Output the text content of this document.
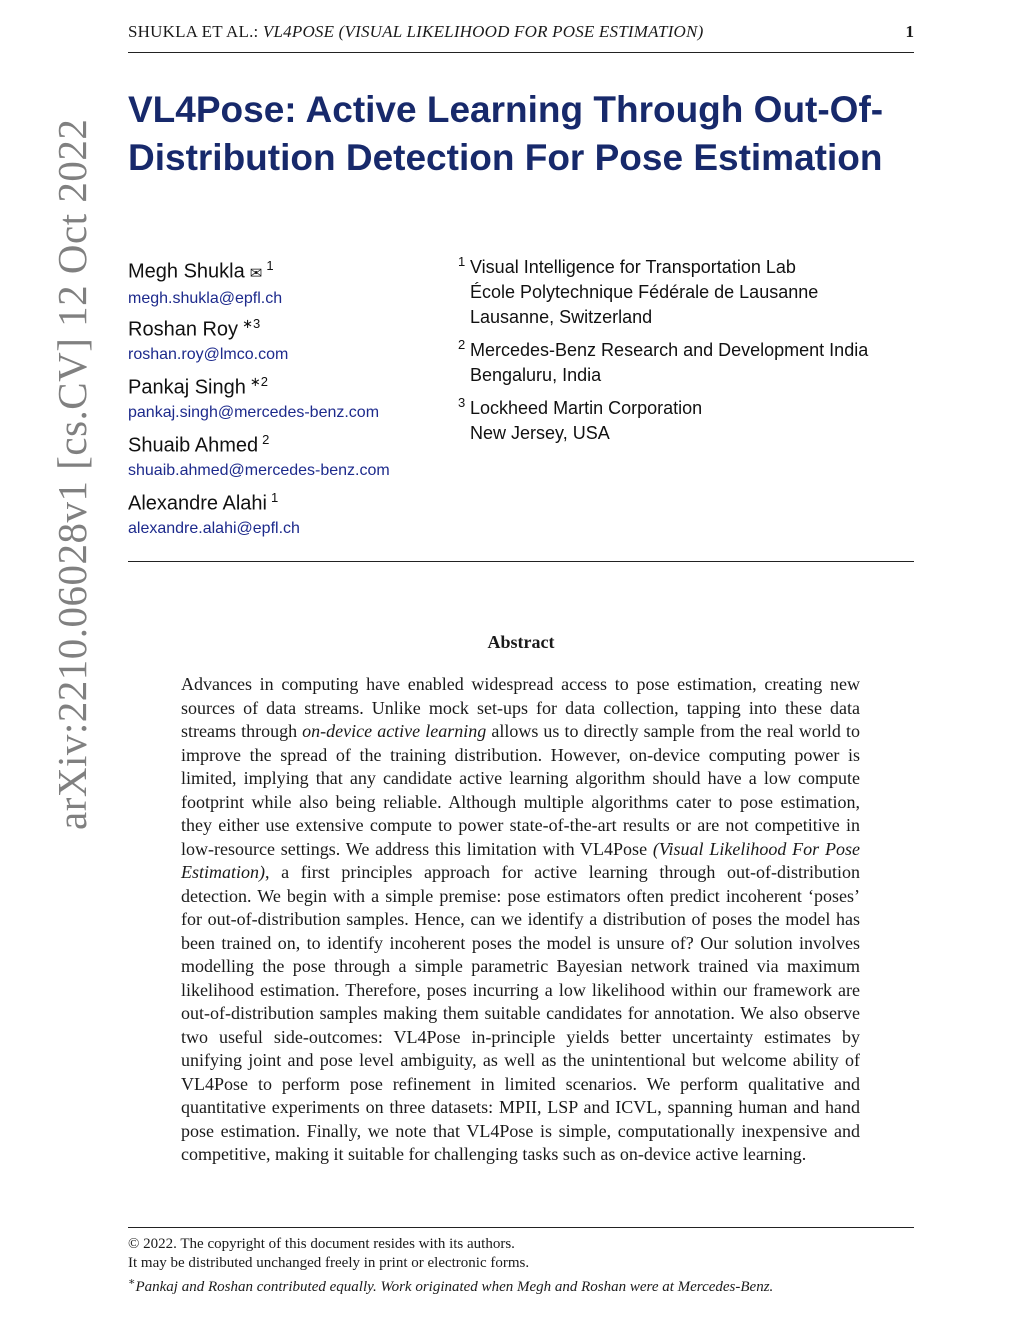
SHUKLA ET AL.: VL4POSE (VISUAL LIKELIHOOD FOR POSE ESTIMATION)	1
arXiv:2210.06028v1 [cs.CV] 12 Oct 2022
VL4Pose: Active Learning Through Out-Of-Distribution Detection For Pose Estimation
Megh Shukla ✉ $^1$
megh.shukla@epfl.ch
Roshan Roy $^{∗3}$
roshan.roy@lmco.com
Pankaj Singh $^{∗2}$
pankaj.singh@mercedes-benz.com
Shuaib Ahmed $^2$
shuaib.ahmed@mercedes-benz.com
Alexandre Alahi $^1$
alexandre.alahi@epfl.ch
1 Visual Intelligence for Transportation Lab
École Polytechnique Fédérale de Lausanne
Lausanne, Switzerland
2 Mercedes-Benz Research and Development India
Bengaluru, India
3 Lockheed Martin Corporation
New Jersey, USA
Abstract

Advances in computing have enabled widespread access to pose estimation, creating new sources of data streams. Unlike mock set-ups for data collection, tapping into these data streams through on-device active learning allows us to directly sample from the real world to improve the spread of the training distribution. However, on-device computing power is limited, implying that any candidate active learning algorithm should have a low compute footprint while also being reliable. Although multiple algorithms cater to pose estimation, they either use extensive compute to power state-of-the-art results or are not competitive in low-resource settings. We address this limitation with VL4Pose (Visual Likelihood For Pose Estimation), a first principles approach for active learning through out-of-distribution detection. We begin with a simple premise: pose estimators often predict incoherent ‘poses’ for out-of-distribution samples. Hence, can we identify a distribution of poses the model has been trained on, to identify incoherent poses the model is unsure of? Our solution involves modelling the pose through a simple parametric Bayesian network trained via maximum likelihood estimation. Therefore, poses incurring a low likelihood within our framework are out-of-distribution samples making them suitable candidates for annotation. We also observe two useful side-outcomes: VL4Pose in-principle yields better uncertainty estimates by unifying joint and pose level ambiguity, as well as the unintentional but welcome ability of VL4Pose to perform pose refinement in limited scenarios. We perform qualitative and quantitative experiments on three datasets: MPII, LSP and ICVL, spanning human and hand pose estimation. Finally, we note that VL4Pose is simple, computationally inexpensive and competitive, making it suitable for challenging tasks such as on-device active learning.

© 2022. The copyright of this document resides with its authors.
It may be distributed unchanged freely in print or electronic forms.
∗Pankaj and Roshan contributed equally. Work originated when Megh and Roshan were at Mercedes-Benz.
